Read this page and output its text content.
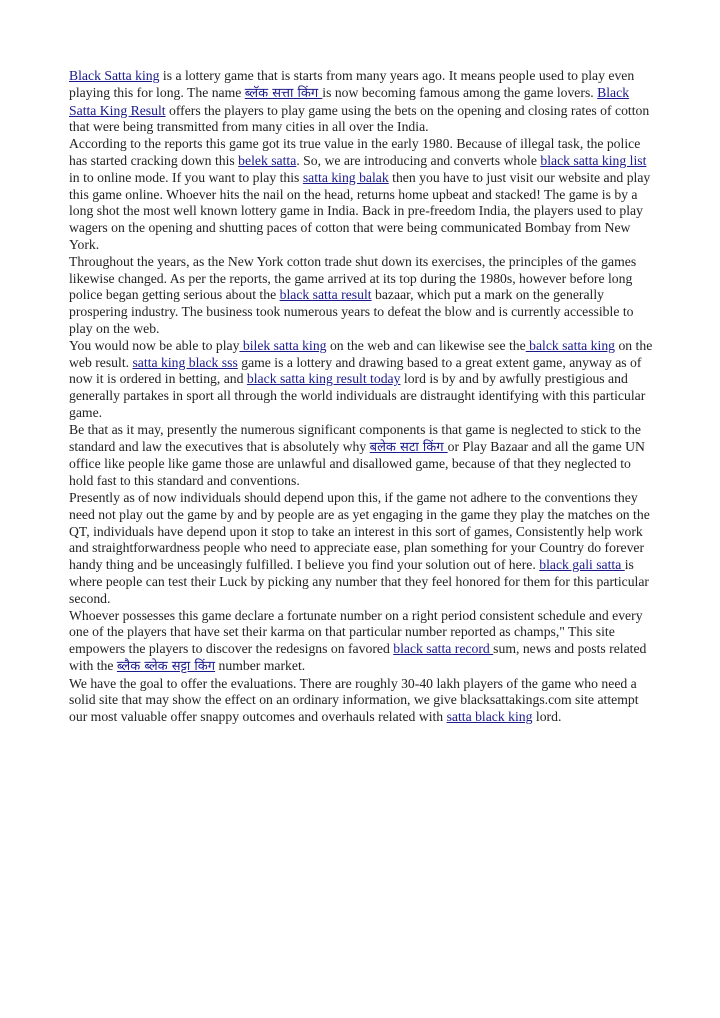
Black Satta king is a lottery game that is starts from many years ago. It means people used to play even playing this for long. The name ब्लॅक सत्ता किंग is now becoming famous among the game lovers. Black Satta King Result offers the players to play game using the bets on the opening and closing rates of cotton that were being transmitted from many cities in all over the India.

According to the reports this game got its true value in the early 1980. Because of illegal task, the police has started cracking down this belek satta. So, we are introducing and converts whole black satta king list in to online mode. If you want to play this satta king balak then you have to just visit our website and play this game online. Whoever hits the nail on the head, returns home upbeat and stacked! The game is by a long shot the most well known lottery game in India. Back in pre-freedom India, the players used to play wagers on the opening and shutting paces of cotton that were being communicated Bombay from New York.

Throughout the years, as the New York cotton trade shut down its exercises, the principles of the games likewise changed. As per the reports, the game arrived at its top during the 1980s, however before long police began getting serious about the black satta result bazaar, which put a mark on the generally prospering industry. The business took numerous years to defeat the blow and is currently accessible to play on the web.

You would now be able to play bilek satta king on the web and can likewise see the balck satta king on the web result. satta king black sss game is a lottery and drawing based to a great extent game, anyway as of now it is ordered in betting, and black satta king result today lord is by and by awfully prestigious and generally partakes in sport all through the world individuals are distraught identifying with this particular game.

Be that as it may, presently the numerous significant components is that game is neglected to stick to the standard and law the executives that is absolutely why बलेक सटा किंग or Play Bazaar and all the game UN office like people like game those are unlawful and disallowed game, because of that they neglected to hold fast to this standard and conventions.

Presently as of now individuals should depend upon this, if the game not adhere to the conventions they need not play out the game by and by people are as yet engaging in the game they play the matches on the QT, individuals have depend upon it stop to take an interest in this sort of games, Consistently help work and straightforwardness people who need to appreciate ease, plan something for your Country do forever handy thing and be unceasingly fulfilled. I believe you find your solution out of here. black gali satta is where people can test their Luck by picking any number that they feel honored for them for this particular second.

Whoever possesses this game declare a fortunate number on a right period consistent schedule and every one of the players that have set their karma on that particular number reported as champs," This site empowers the players to discover the redesigns on favored black satta record sum, news and posts related with the ब्लैक ब्लेक सट्टा किंग number market.

We have the goal to offer the evaluations. There are roughly 30-40 lakh players of the game who need a solid site that may show the effect on an ordinary information, we give blacksattakings.com site attempt our most valuable offer snappy outcomes and overhauls related with satta black king lord.
